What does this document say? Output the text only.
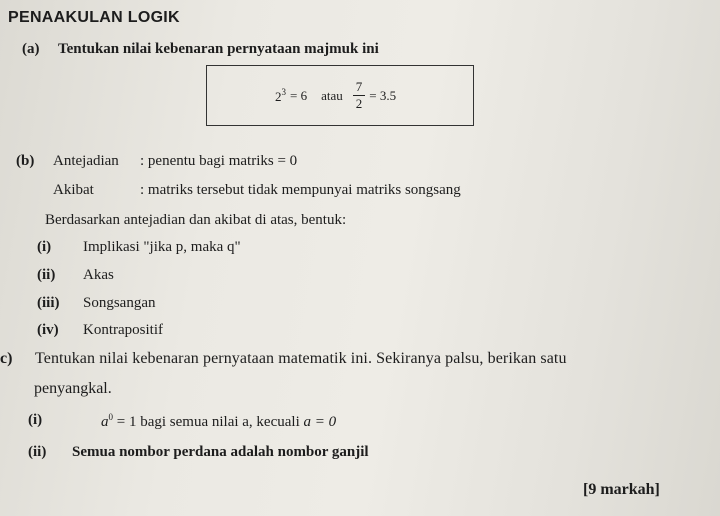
PENAAKULAN LOGIK
(a) Tentukan nilai kebenaran pernyataan majmuk ini
$2^3 = 6$ atau $\frac{7}{2} = 3.5$
(b) Antejadian : penentu bagi matriks = 0
Akibat	: matriks tersebut tidak mempunyai matriks songsang
Berdasarkan antejadian dan akibat di atas, bentuk:
(i) Implikasi "jika p, maka q"
(ii) Akas
(iii) Songsangan
(iv) Kontrapositif
c) Tentukan nilai kebenaran pernyataan matematik ini. Sekiranya palsu, berikan satu
penyangkal.
(i)	$a^0 = 1$ bagi semua nilai a, kecuali a = 0
(ii) Semua nombor perdana adalah nombor ganjil
[9 markah]
